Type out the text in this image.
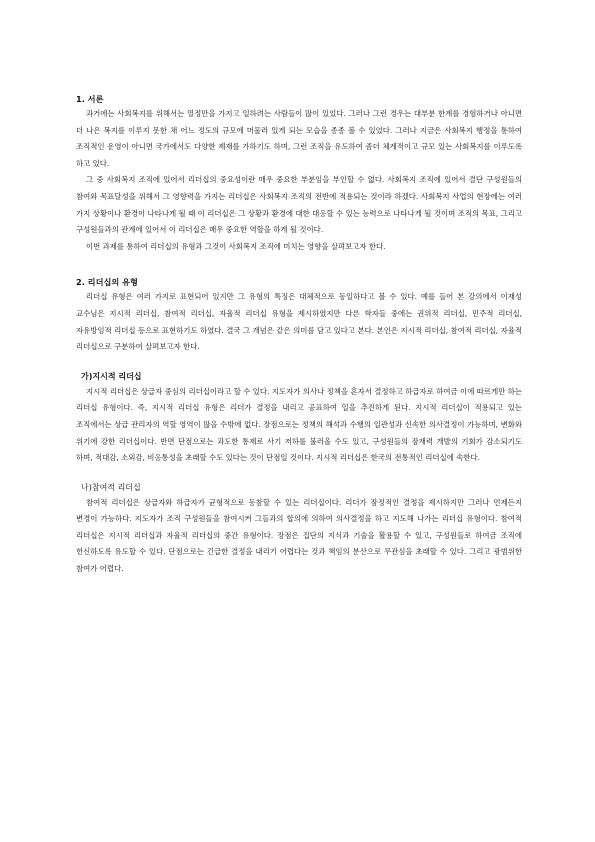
1. 서론

과거에는 사회복지를 위해서는 열정만을 가지고 일하려는 사람들이 많이 있었다. 그러나 그런 경우는 대부분 한계를 경험하거나 아니면 더 나은 복지를 이루지 못한 채 어느 정도의 규모에 머물러 있게 되는 모습을 종종 볼 수 있었다. 그러나 지금은 사회복지 행정을 통하여 조직적인 운영이 아니면 국가에서도 다양한 제재를 가하기도 하며, 그런 조직을 유도하여 좀더 체계적이고 규모 있는 사회복지를 이루도록 하고 있다.

그 중 사회복지 조직에 있어서 리더십의 중요성이란 매우 중요한 부분임을 부인할 수 없다. 사회복지 조직에 있어서 결단 구성원들의 참여와 목표달성을 위해서 그 영향력을 가지는 리더십은 사회복지 조직의 전반에 적용되는 것이라 하겠다. 사회복지 사업의 현장에는 여러 가지 상황이나 환경이 나타나게 될 때 이 리더십은 그 상황과 환경에 대한 대응할 수 있는 능력으로 나타나게 될 것이며 조직의 목표, 그리고 구성원들과의 관계에 있어서 이 리더십은 매우 중요한 역할을 하게 될 것이다.

이번 과제를 통하여 리더십의 유형과 그것이 사회복지 조직에 미치는 영향을 살펴보고자 한다.

2. 리더십의 유형

리더십 유형은 여러 가지로 표현되어 있지만 그 유형의 특징은 대체적으로 동일하다고 볼 수 있다. 예를 들어 본 강의에서 이재성 교수님은 지시적 리더십, 참여적 리더십, 자율적 리더십 유형을 제시하였지만 다른 학자들 중에는 권위적 리더십, 민주적 리더십, 자유방임적 리더십 등으로 표현하기도 하였다. 결국 그 개념은 같은 의미를 담고 있다고 본다. 본인은 지시적 리더십, 참여적 리더십, 자율적 리더십으로 구분하여 살펴보고자 한다.

가)지시적 리더십

지시적 리더십은 상급자 중심의 리더십이라고 할 수 있다. 지도자가 의사나 정책을 혼자서 결정하고 하급자로 하여금 이에 따르게만 하는 리더십 유형이다. 즉, 지시적 리더십 유형은 리더가 결정을 내리고 공표하여 일을 추진하게 된다. 지시적 리더십이 적용되고 있는 조직에서는 상급 관리자의 역할 영역이 많을 수밖에 없다. 장점으로는 정책의 해석과 수행의 일관성과 신속한 의사결정이 가능하며, 변화와 위기에 강한 리더십이다. 반면 단점으로는 과도한 통제로 사기 저하를 불러올 수도 있고, 구성원들의 잠재력 개발의 기회가 감소되기도 하며, 적대감, 소외감, 비응통성을 초래할 수도 있다는 것이 단점일 것이다. 지시적 리더십은 한국의 전통적인 리더십에 속한다.

나)참여적 리더십

참여적 리더십은 상급자와 하급자가 균형적으로 동참할 수 있는 리더십이다. 리더가 잠정적인 결정을 제시하지만 그러나 언제든지 변경이 가능하다. 지도자가 조직 구성원들을 참여시켜 그들과의 합의에 의하여 의사결정을 하고 지도해 나가는 리더십 유형이다. 참여적 리더십은 지시적 리더십과 자율적 리더십의 중간 유형이다. 장점은 집단의 지식과 기술을 활용할 수 있고, 구성원들로 하여금 조직에 헌신하도록 유도할 수 있다. 단점으로는 긴급한 결정을 내리기 어렵다는 것과 책임의 분산으로 무관심을 초래할 수 있다. 그리고 광범위한 참여가 어렵다.
